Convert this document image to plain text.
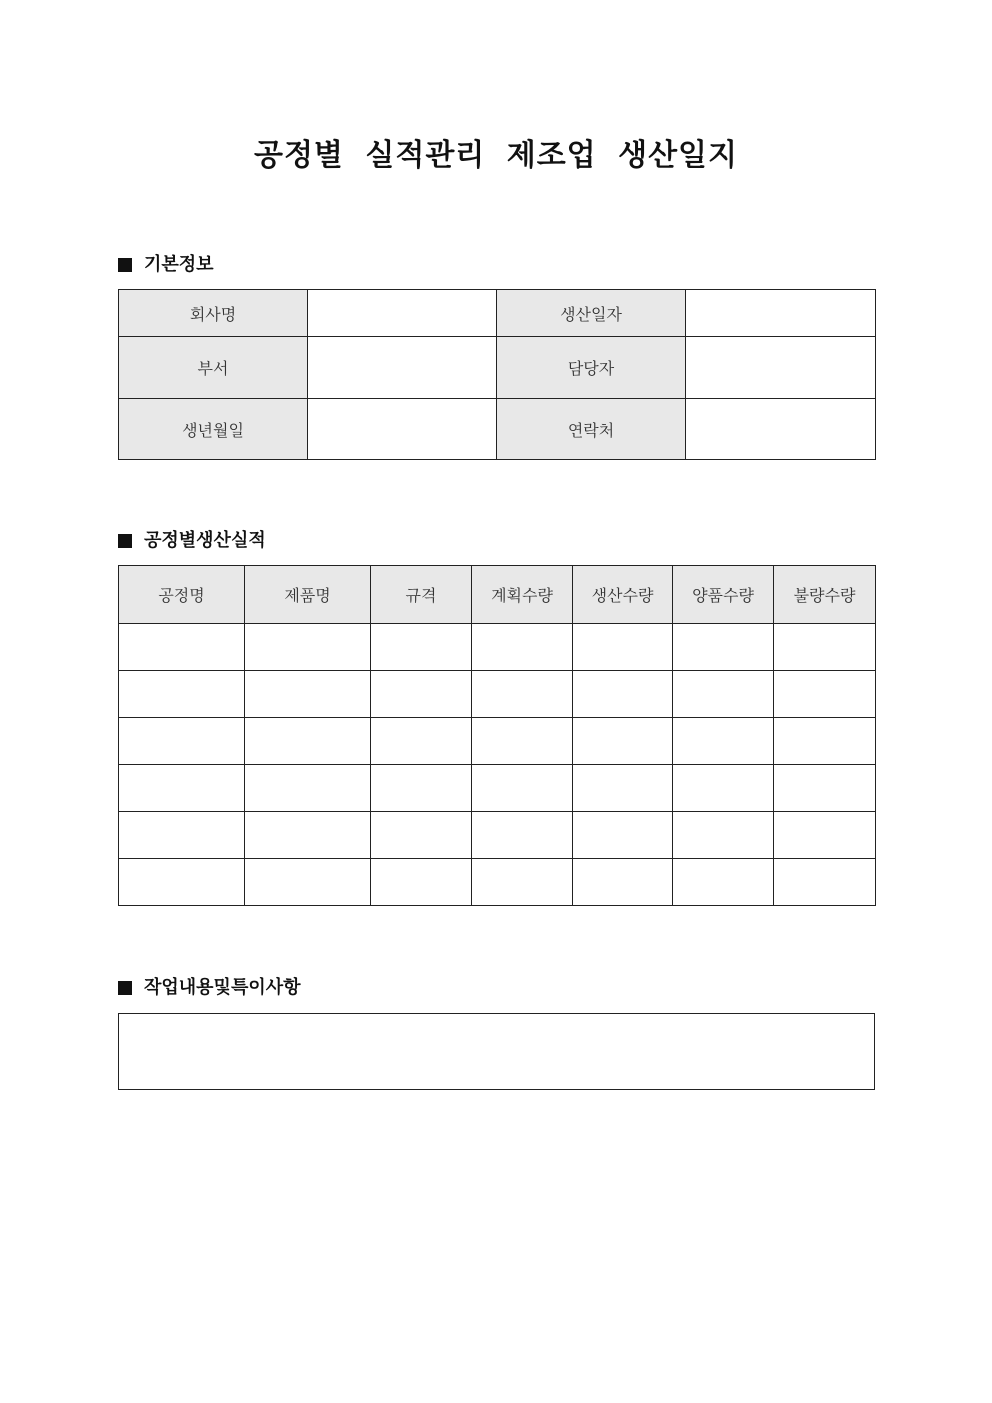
공정별 실적관리 제조업 생산일지
기본정보
회사명		생산일자	
부서		담당자	
생년월일		연락처	
공정별생산실적
공정명	제품명	규격	계획수량	생산수량	양품수량	불량수량

작업내용및특이사항
